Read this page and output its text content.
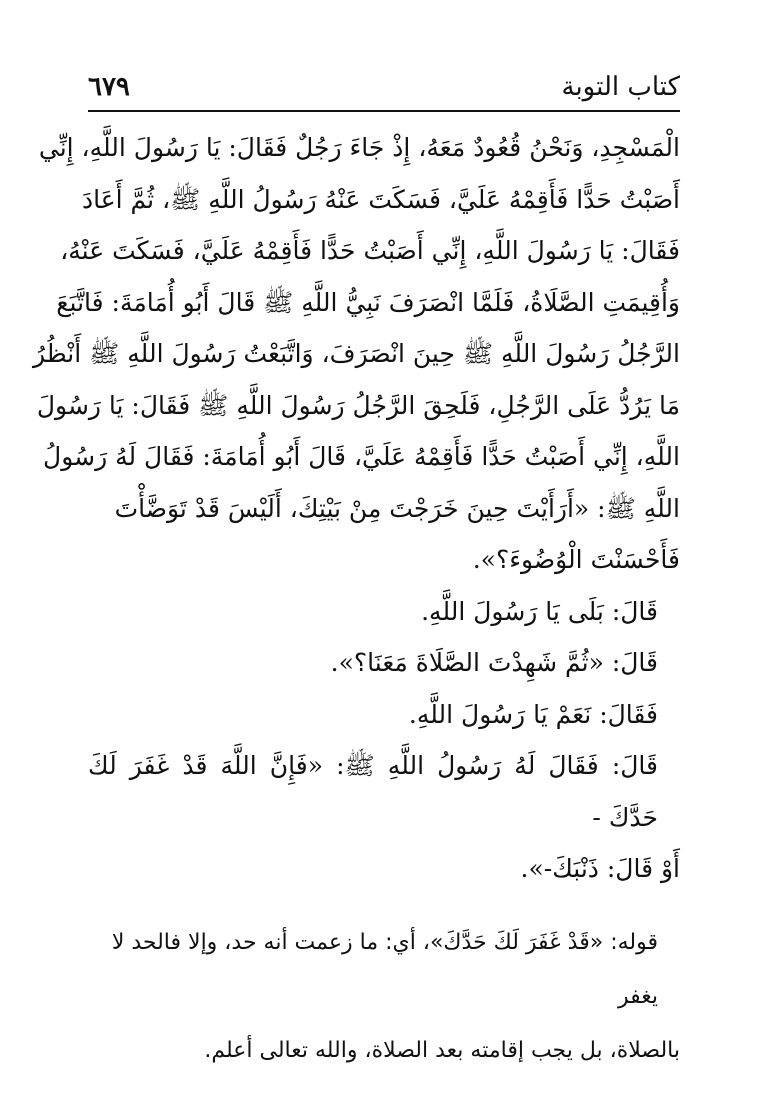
كتاب التوبة
٦٧٩

الْمَسْجِدِ، وَنَحْنُ قُعُودٌ مَعَهُ، إِذْ جَاءَ رَجُلٌ فَقَالَ: يَا رَسُولَ اللَّهِ، إِنِّي
أَصَبْتُ حَدًّا فَأَقِمْهُ عَلَيَّ، فَسَكَتَ عَنْهُ رَسُولُ اللَّهِ ﷺ، ثُمَّ أَعَادَ
فَقَالَ: يَا رَسُولَ اللَّهِ، إِنِّي أَصَبْتُ حَدًّا فَأَقِمْهُ عَلَيَّ، فَسَكَتَ عَنْهُ،
وَأُقِيمَتِ الصَّلَاةُ، فَلَمَّا انْصَرَفَ نَبِيُّ اللَّهِ ﷺ قَالَ أَبُو أُمَامَةَ: فَاتَّبَعَ
الرَّجُلُ رَسُولَ اللَّهِ ﷺ حِينَ انْصَرَفَ، وَاتَّبَعْتُ رَسُولَ اللَّهِ ﷺ أَنْظُرُ
مَا يَرُدُّ عَلَى الرَّجُلِ، فَلَحِقَ الرَّجُلُ رَسُولَ اللَّهِ ﷺ فَقَالَ: يَا رَسُولَ
اللَّهِ، إِنِّي أَصَبْتُ حَدًّا فَأَقِمْهُ عَلَيَّ، قَالَ أَبُو أُمَامَةَ: فَقَالَ لَهُ رَسُولُ
اللَّهِ ﷺ: «أَرَأَيْتَ حِينَ خَرَجْتَ مِنْ بَيْتِكَ، أَلَيْسَ قَدْ تَوَضَّأْتَ
فَأَحْسَنْتَ الْوُضُوءَ؟».

قَالَ: بَلَى يَا رَسُولَ اللَّهِ.

قَالَ: «ثُمَّ شَهِدْتَ الصَّلَاةَ مَعَنَا؟».

فَقَالَ: نَعَمْ يَا رَسُولَ اللَّهِ.

قَالَ: فَقَالَ لَهُ رَسُولُ اللَّهِ ﷺ: «فَإِنَّ اللَّهَ قَدْ غَفَرَ لَكَ حَدَّكَ -
أَوْ قَالَ: ذَنْبَكَ-».

قوله: «قَدْ غَفَرَ لَكَ حَدَّكَ»، أي: ما زعمت أنه حد، وإلا فالحد لا يغفر
بالصلاة، بل يجب إقامته بعد الصلاة، والله تعالى أعلم.
